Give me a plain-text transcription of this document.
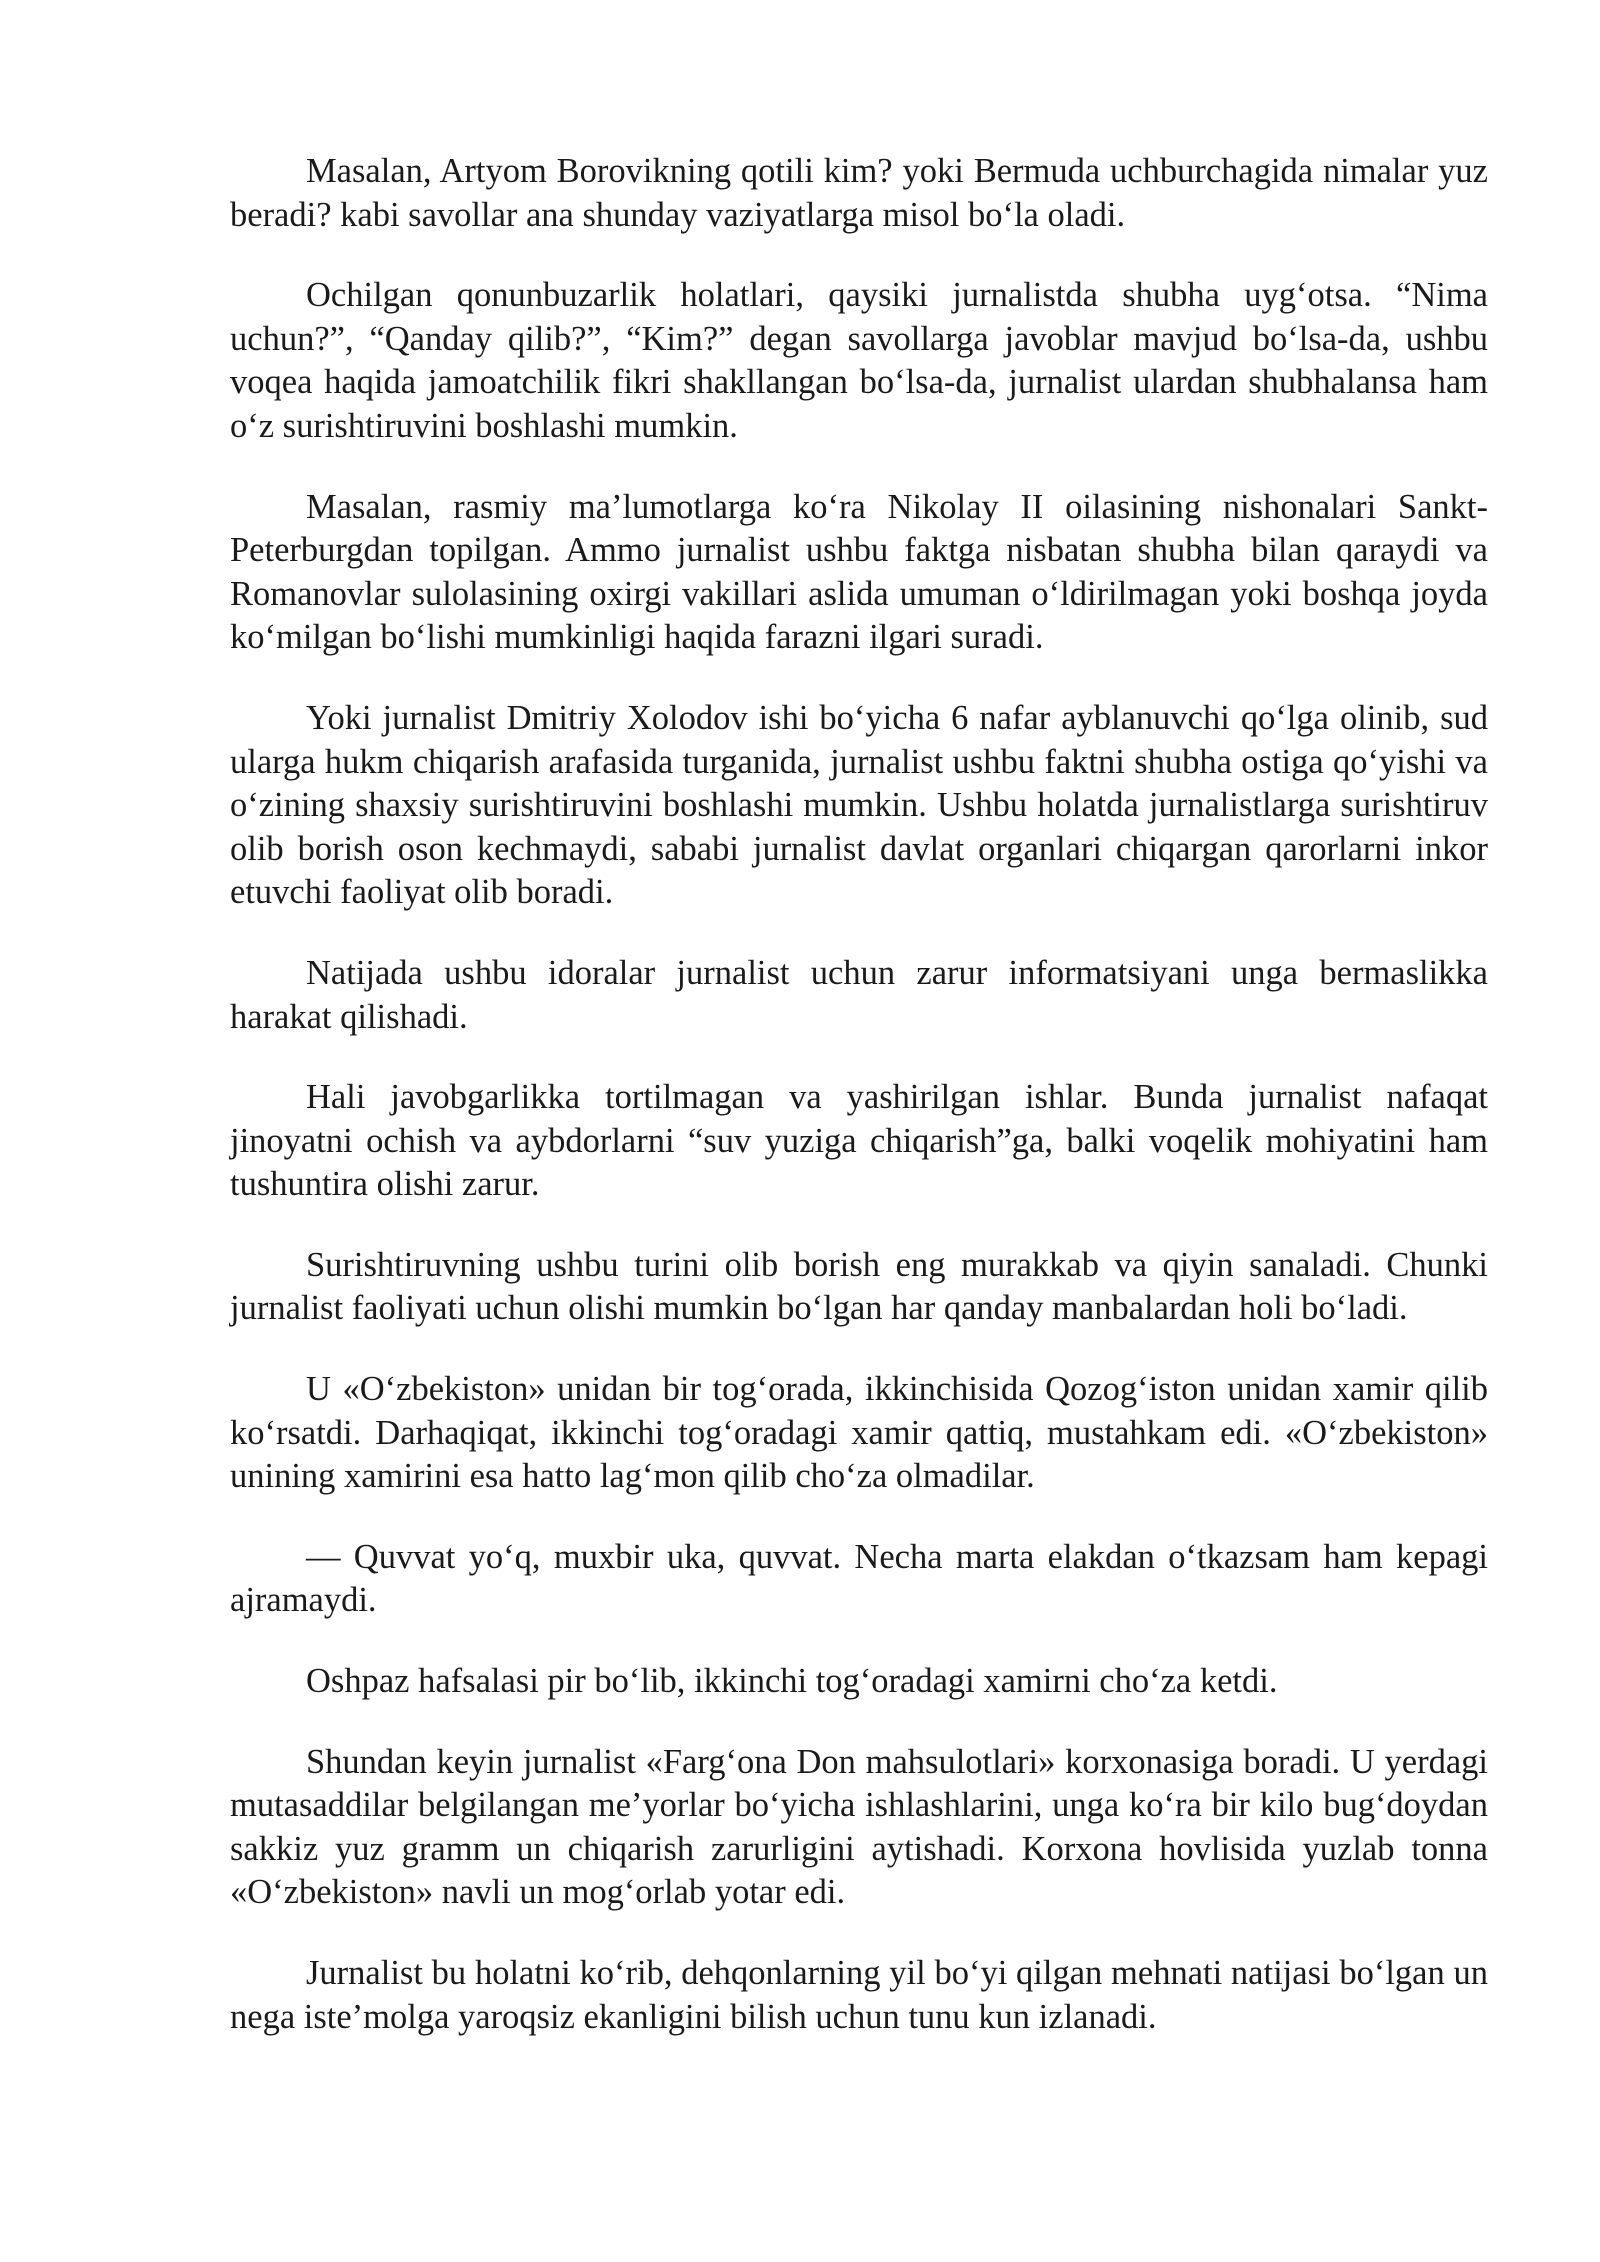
Masalan, Artyom Borovikning qotili kim? yoki Bermuda uchburchagida nimalar yuz beradi? kabi savollar ana shunday vaziyatlarga misol bo‘la oladi.

Ochilgan qonunbuzarlik holatlari, qaysiki jurnalistda shubha uyg‘otsa. “Nima uchun?”, “Qanday qilib?”, “Kim?” degan savollarga javoblar mavjud bo‘lsa-da, ushbu voqea haqida jamoatchilik fikri shakllangan bo‘lsa-da, jurnalist ulardan shubhalansa ham o‘z surishtiruvini boshlashi mumkin.

Masalan, rasmiy ma’lumotlarga ko‘ra Nikolay II oilasining nishonalari Sankt-Peterburgdan topilgan. Ammo jurnalist ushbu faktga nisbatan shubha bilan qaraydi va Romanovlar sulolasining oxirgi vakillari aslida umuman o‘ldirilmagan yoki boshqa joyda ko‘milgan bo‘lishi mumkinligi haqida farazni ilgari suradi.

Yoki jurnalist Dmitriy Xolodov ishi bo‘yicha 6 nafar ayblanuvchi qo‘lga olinib, sud ularga hukm chiqarish arafasida turganida, jurnalist ushbu faktni shubha ostiga qo‘yishi va o‘zining shaxsiy surishtiruvini boshlashi mumkin. Ushbu holatda jurnalistlarga surishtiruv olib borish oson kechmaydi, sababi jurnalist davlat organlari chiqargan qarorlarni inkor etuvchi faoliyat olib boradi.

Natijada ushbu idoralar jurnalist uchun zarur informatsiyani unga bermaslikka harakat qilishadi.

Hali javobgarlikka tortilmagan va yashirilgan ishlar. Bunda jurnalist nafaqat jinoyatni ochish va aybdorlarni “suv yuziga chiqarish”ga, balki voqelik mohiyatini ham tushuntira olishi zarur.

Surishtiruvning ushbu turini olib borish eng murakkab va qiyin sanaladi. Chunki jurnalist faoliyati uchun olishi mumkin bo‘lgan har qanday manbalardan holi bo‘ladi.

U «O‘zbekiston» unidan bir tog‘orada, ikkinchisida Qozog‘iston unidan xamir qilib ko‘rsatdi. Darhaqiqat, ikkinchi tog‘oradagi xamir qattiq, mustahkam edi. «O‘zbekiston» unining xamirini esa hatto lag‘mon qilib cho‘za olmadilar.

— Quvvat yo‘q, muxbir uka, quvvat. Necha marta elakdan o‘tkazsam ham kepagi ajramaydi.

Oshpaz hafsalasi pir bo‘lib, ikkinchi tog‘oradagi xamirni cho‘za ketdi.

Shundan keyin jurnalist «Farg‘ona Don mahsulotlari» korxonasiga boradi. U yerdagi mutasaddilar belgilangan me’yorlar bo‘yicha ishlashlarini, unga ko‘ra bir kilo bug‘doydan sakkiz yuz gramm un chiqarish zarurligini aytishadi. Korxona hovlisida yuzlab tonna «O‘zbekiston» navli un mog‘orlab yotar edi.

Jurnalist bu holatni ko‘rib, dehqonlarning yil bo‘yi qilgan mehnati natijasi bo‘lgan un nega iste’molga yaroqsiz ekanligini bilish uchun tunu kun izlanadi.
